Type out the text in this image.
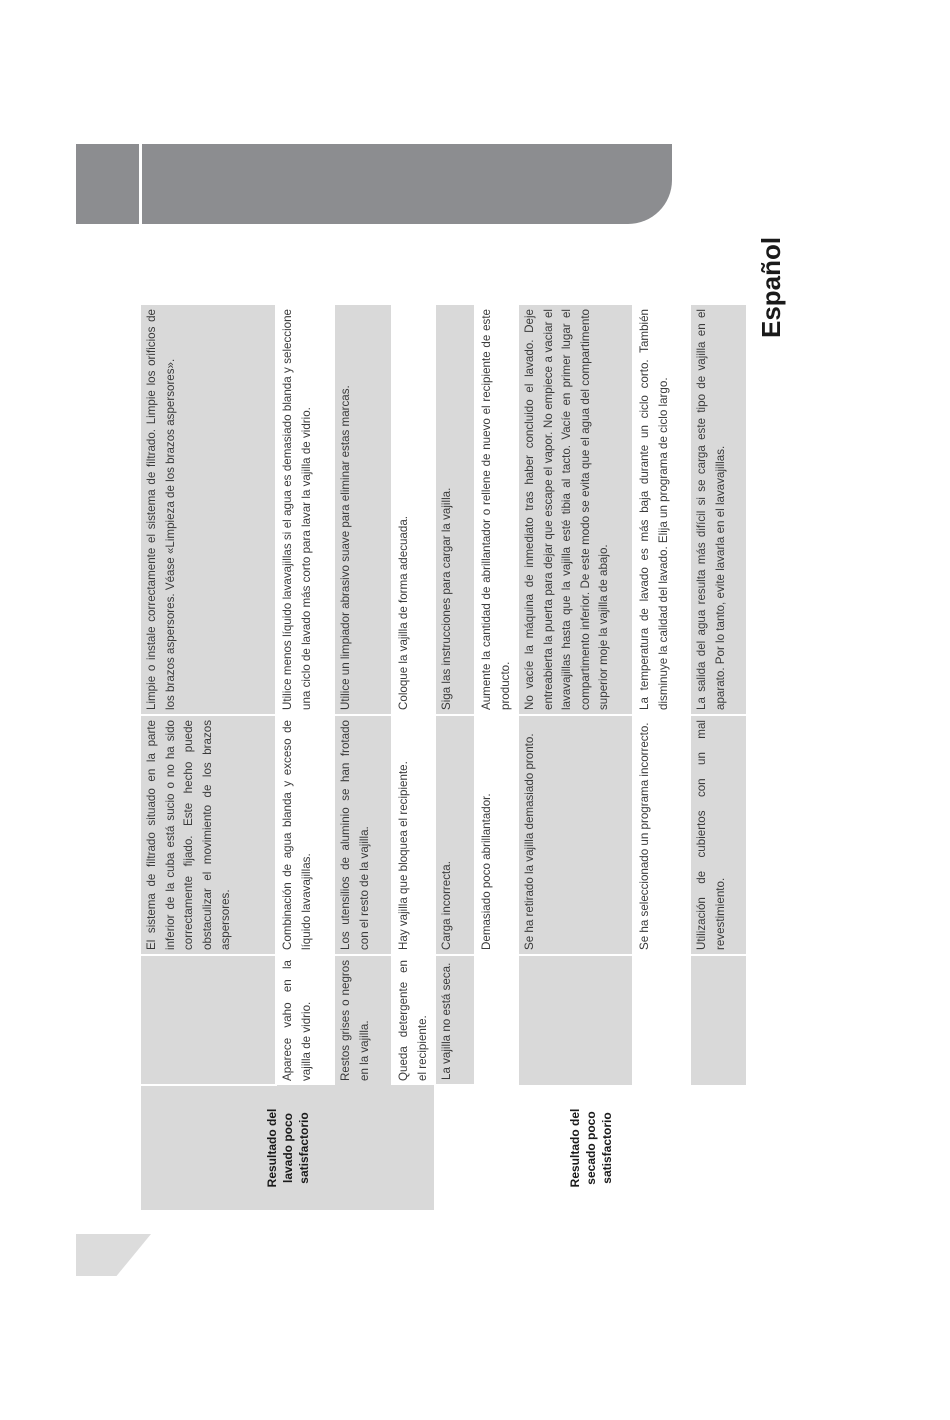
Español
Resultado del lavado poco satisfactorio		El sistema de filtrado situado en la parte inferior de la cuba está sucio o no ha sido correctamente fijado. Este hecho puede obstaculizar el movimiento de los brazos aspersores.	Limpie o instale correctamente el sistema de filtrado. Limpie los orificios de los brazos aspersores. Véase «Limpieza de los brazos aspersores».
	Aparece vaho en la vajilla de vidrio.	Combinación de agua blanda y exceso de líquido lavavajillas.	Utilice menos líquido lavavajillas si el agua es demasiado blanda y seleccione una ciclo de lavado más corto para lavar la vajilla de vidrio.
	Restos grises o negros en la vajilla.	Los utensilios de aluminio se han frotado con el resto de la vajilla.	Utilice un limpiador abrasivo suave para eliminar estas marcas.
	Queda detergente en el recipiente.	Hay vajilla que bloquea el recipiente.	Coloque la vajilla de forma adecuada.
Resultado del secado poco satisfactorio	La vajilla no está seca.	Carga incorrecta.	Siga las instrucciones para cargar la vajilla.
		Demasiado poco abrillantador.	Aumente la cantidad de abrillantador o rellene de nuevo el recipiente de este producto.
		Se ha retirado la vajilla demasiado pronto.	No vacíe la máquina de inmediato tras haber concluido el lavado. Deje entreabierta la puerta para dejar que escape el vapor. No empiece a vaciar el lavavajillas hasta que la vajilla esté tibia al tacto. Vacíe en primer lugar el compartimento inferior. De este modo se evita que el agua del compartimento superior moje la vajilla de abajo.
		Se ha seleccionado un programa incorrecto.	La temperatura de lavado es más baja durante un ciclo corto. También disminuye la calidad del lavado. Elija un programa de ciclo largo.
		Utilización de cubiertos con un mal revestimiento.	La salida del agua resulta más difícil si se carga este tipo de vajilla en el aparato. Por lo tanto, evite lavarla en el lavavajillas.
